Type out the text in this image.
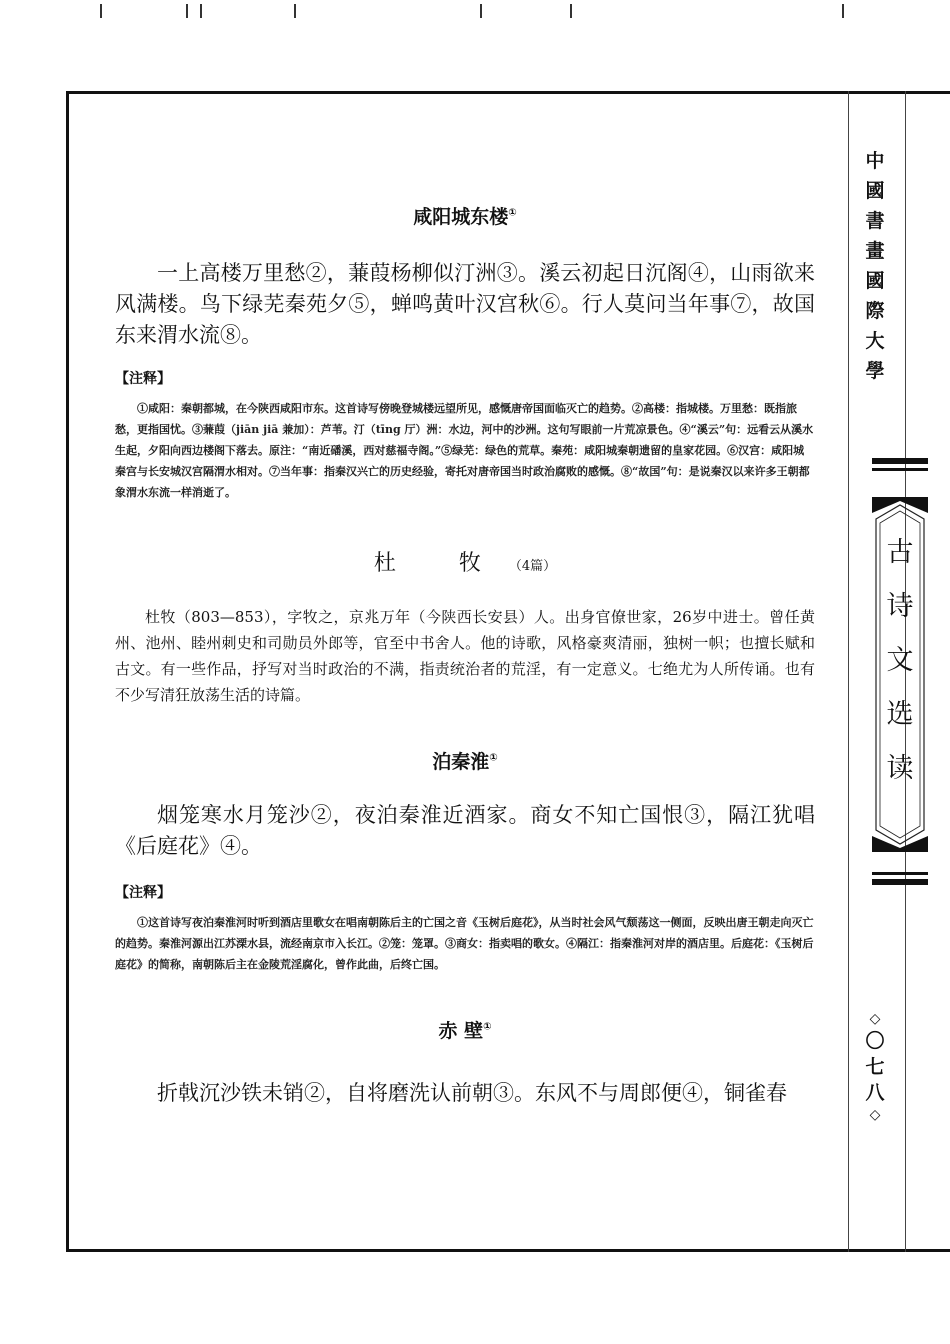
中
國
書
畫
國
際
大
學
古
诗
文
选
读
◇
〇
七
八
◇
咸阳城东楼①

一上高楼万里愁②，蒹葭杨柳似汀洲③。溪云初起日沉阁④，山雨欲来风满楼。鸟下绿芜秦苑夕⑤，蝉鸣黄叶汉宫秋⑥。行人莫问当年事⑦，故国东来渭水流⑧。

【注释】

①咸阳：秦朝都城，在今陕西咸阳市东。这首诗写傍晚登城楼远望所见，感慨唐帝国面临灭亡的趋势。②高楼：指城楼。万里愁：既指旅愁，更指国忧。③蒹葭（jiān jiā 兼加）：芦苇。汀（tīng 厅）洲：水边，河中的沙洲。这句写眼前一片荒凉景色。④“溪云”句：远看云从溪水生起，夕阳向西边楼阁下落去。原注：“南近磻溪，西对慈福寺阁。”⑤绿芜：绿色的荒草。秦苑：咸阳城秦朝遗留的皇家花园。⑥汉宫：咸阳城秦宫与长安城汉宫隔渭水相对。⑦当年事：指秦汉兴亡的历史经验，寄托对唐帝国当时政治腐败的感慨。⑧“故国”句：是说秦汉以来许多王朝都象渭水东流一样消逝了。

杜 牧（4篇）

杜牧（803—853），字牧之，京兆万年（今陕西长安县）人。出身官僚世家，26岁中进士。曾任黄州、池州、睦州刺史和司勋员外郎等，官至中书舍人。他的诗歌，风格豪爽清丽，独树一帜；也擅长赋和古文。有一些作品，抒写对当时政治的不满，指责统治者的荒淫，有一定意义。七绝尤为人所传诵。也有不少写清狂放荡生活的诗篇。

泊秦淮①

烟笼寒水月笼沙②，夜泊秦淮近酒家。商女不知亡国恨③，隔江犹唱《后庭花》④。

【注释】

①这首诗写夜泊秦淮河时听到酒店里歌女在唱南朝陈后主的亡国之音《玉树后庭花》，从当时社会风气颓荡这一侧面，反映出唐王朝走向灭亡的趋势。秦淮河源出江苏溧水县，流经南京市入长江。②笼：笼罩。③商女：指卖唱的歌女。④隔江：指秦淮河对岸的酒店里。后庭花：《玉树后庭花》的简称，南朝陈后主在金陵荒淫腐化，曾作此曲，后终亡国。

赤 壁①

折戟沉沙铁未销②，自将磨洗认前朝③。东风不与周郎便④，铜雀春
